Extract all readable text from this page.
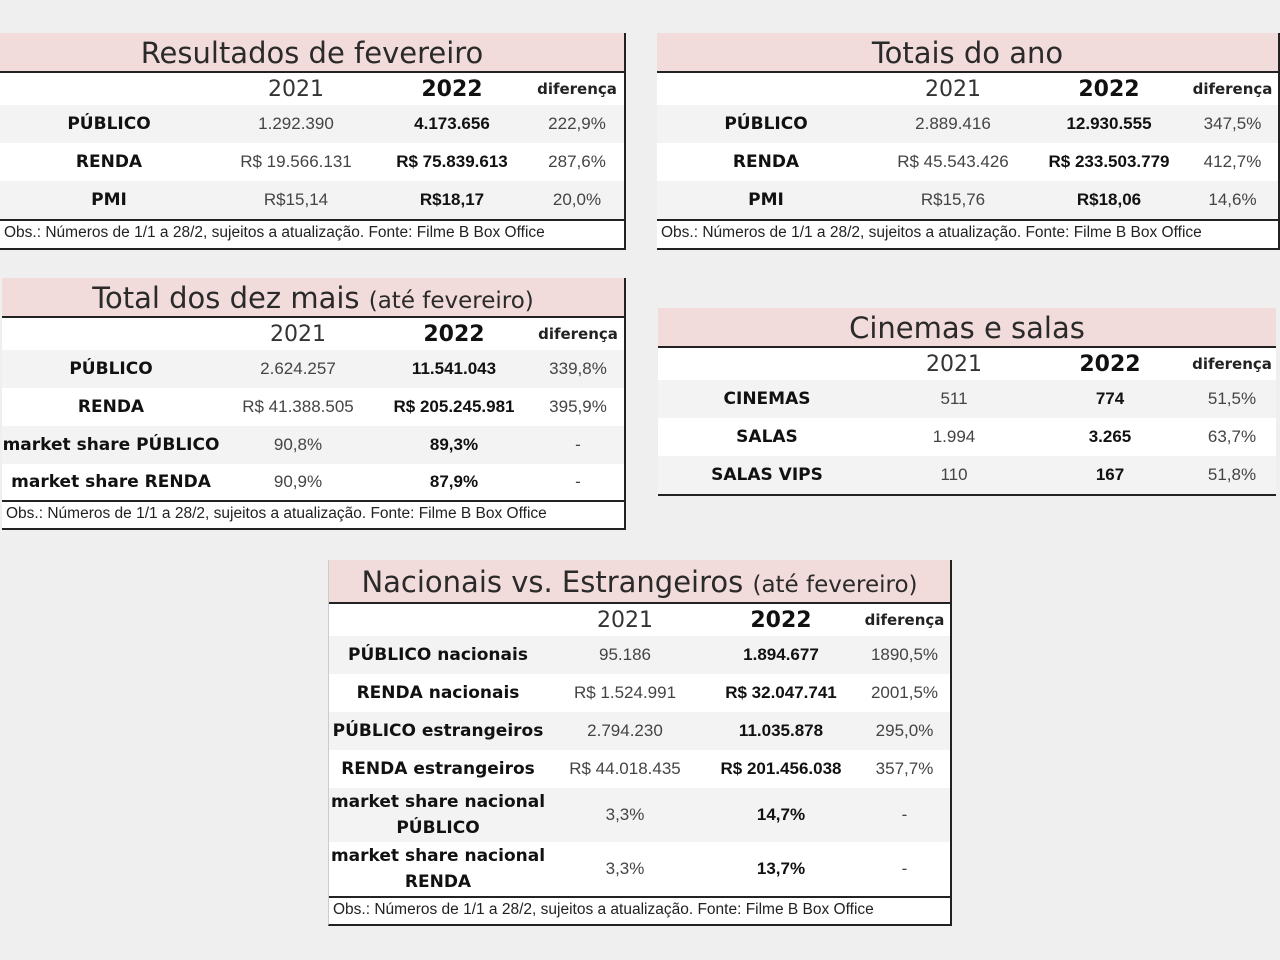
Resultados de fevereiro
	2021	2022	diferença
PÚBLICO	1.292.390	4.173.656	222,9%
RENDA	R$ 19.566.131	R$ 75.839.613	287,6%
PMI	R$15,14	R$18,17	20,0%
Obs.: Números de 1/1 a 28/2, sujeitos a atualização. Fonte: Filme B Box Office
Totais do ano
	2021	2022	diferença
PÚBLICO	2.889.416	12.930.555	347,5%
RENDA	R$ 45.543.426	R$ 233.503.779	412,7%
PMI	R$15,76	R$18,06	14,6%
Obs.: Números de 1/1 a 28/2, sujeitos a atualização. Fonte: Filme B Box Office
Total dos dez mais (até fevereiro)
	2021	2022	diferença
PÚBLICO	2.624.257	11.541.043	339,8%
RENDA	R$ 41.388.505	R$ 205.245.981	395,9%
market share PÚBLICO	90,8%	89,3%	-
market share RENDA	90,9%	87,9%	-
Obs.: Números de 1/1 a 28/2, sujeitos a atualização. Fonte: Filme B Box Office
Cinemas e salas
	2021	2022	diferença
CINEMAS	511	774	51,5%
SALAS	1.994	3.265	63,7%
SALAS VIPS	110	167	51,8%
Nacionais vs. Estrangeiros (até fevereiro)
	2021	2022	diferença
PÚBLICO nacionais	95.186	1.894.677	1890,5%
RENDA nacionais	R$ 1.524.991	R$ 32.047.741	2001,5%
PÚBLICO estrangeiros	2.794.230	11.035.878	295,0%
RENDA estrangeiros	R$ 44.018.435	R$ 201.456.038	357,7%
market share nacional PÚBLICO	3,3%	14,7%	-
market share nacional RENDA	3,3%	13,7%	-
Obs.: Números de 1/1 a 28/2, sujeitos a atualização. Fonte: Filme B Box Office
